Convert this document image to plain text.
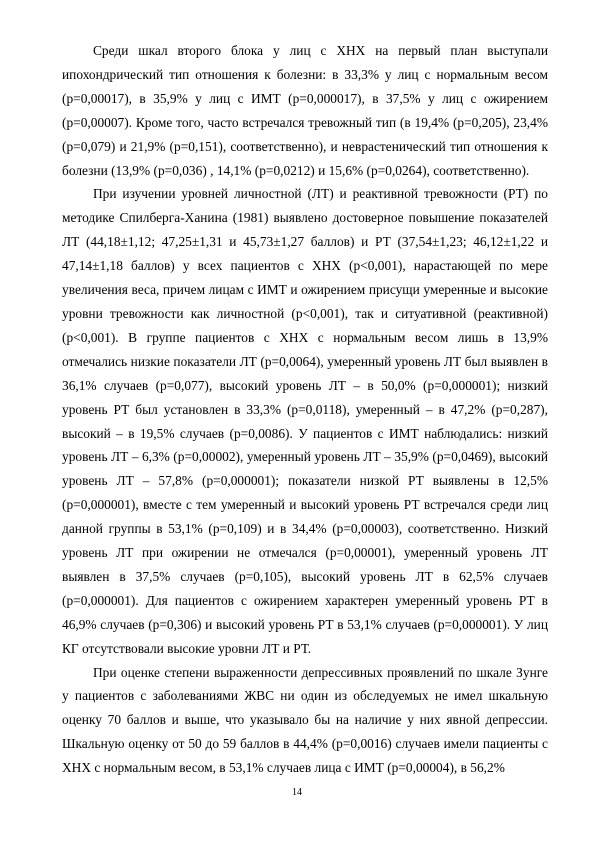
Среди шкал второго блока у лиц с ХНХ на первый план выступали ипохондрический тип отношения к болезни: в 33,3% у лиц с нормальным весом (р=0,00017), в 35,9% у лиц с ИМТ (р=0,000017), в 37,5% у лиц с ожирением (р=0,00007). Кроме того, часто встречался тревожный тип (в 19,4% (р=0,205), 23,4% (р=0,079) и 21,9% (р=0,151), соответственно), и неврастенический тип отношения к болезни (13,9% (р=0,036) , 14,1% (р=0,0212) и 15,6% (р=0,0264), соответственно).

При изучении уровней личностной (ЛТ) и реактивной тревожности (РТ) по методике Спилберга-Ханина (1981) выявлено достоверное повышение показателей ЛТ (44,18±1,12; 47,25±1,31 и 45,73±1,27 баллов) и РТ (37,54±1,23; 46,12±1,22 и 47,14±1,18 баллов) у всех пациентов с ХНХ (р<0,001), нарастающей по мере увеличения веса, причем лицам с ИМТ и ожирением присущи умеренные и высокие уровни тревожности как личностной (р<0,001), так и ситуативной (реактивной) (р<0,001). В группе пациентов с ХНХ с нормальным весом лишь в 13,9% отмечались низкие показатели ЛТ (р=0,0064), умеренный уровень ЛТ был выявлен в 36,1% случаев (р=0,077), высокий уровень ЛТ – в 50,0% (р=0,000001); низкий уровень РТ был установлен в 33,3% (р=0,0118), умеренный – в 47,2% (р=0,287), высокий – в 19,5% случаев (р=0,0086). У пациентов с ИМТ наблюдались: низкий уровень ЛТ – 6,3% (р=0,00002), умеренный уровень ЛТ – 35,9% (р=0,0469), высокий уровень ЛТ – 57,8% (р=0,000001); показатели низкой РТ выявлены в 12,5% (р=0,000001), вместе с тем умеренный и высокий уровень РТ встречался среди лиц данной группы в 53,1% (р=0,109) и в 34,4% (р=0,00003), соответственно. Низкий уровень ЛТ при ожирении не отмечался (р=0,00001), умеренный уровень ЛТ выявлен в 37,5% случаев (р=0,105), высокий уровень ЛТ в 62,5% случаев (р=0,000001). Для пациентов с ожирением характерен умеренный уровень РТ в 46,9% случаев (р=0,306) и высокий уровень РТ в 53,1% случаев (р=0,000001). У лиц КГ отсутствовали высокие уровни ЛТ и РТ.

При оценке степени выраженности депрессивных проявлений по шкале Зунге у пациентов с заболеваниями ЖВС ни один из обследуемых не имел шкальную оценку 70 баллов и выше, что указывало бы на наличие у них явной депрессии. Шкальную оценку от 50 до 59 баллов в 44,4% (р=0,0016) случаев имели пациенты с ХНХ с нормальным весом, в 53,1% случаев лица с ИМТ (р=0,00004), в 56,2%

14
